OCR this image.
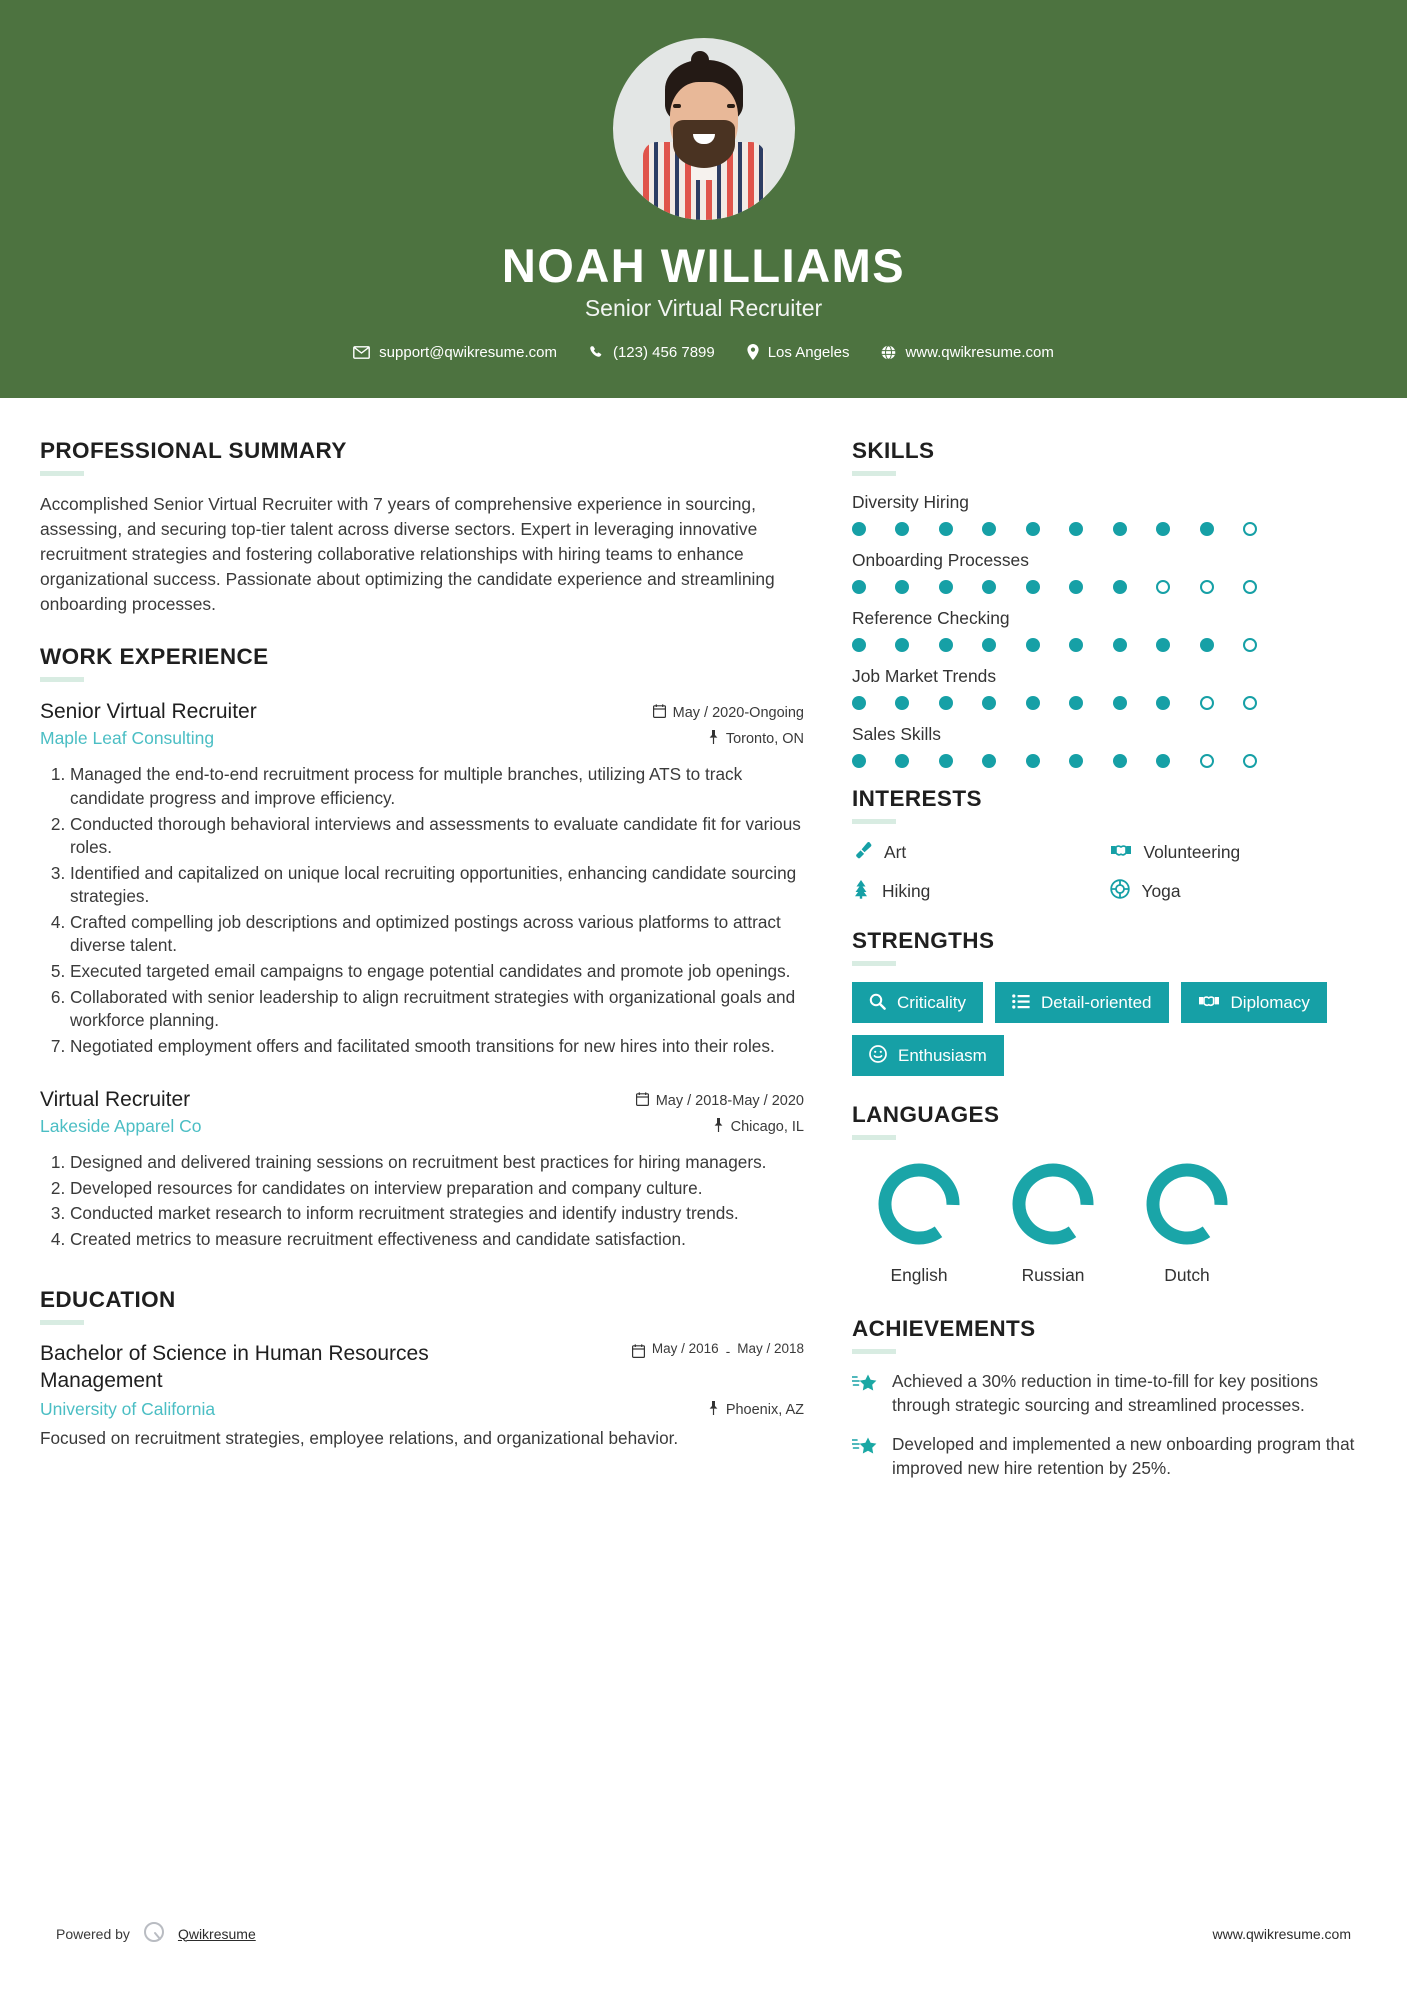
NOAH WILLIAMS
Senior Virtual Recruiter
support@qwikresume.com	(123) 456 7899	Los Angeles	www.qwikresume.com
PROFESSIONAL SUMMARY
Accomplished Senior Virtual Recruiter with 7 years of comprehensive experience in sourcing, assessing, and securing top-tier talent across diverse sectors. Expert in leveraging innovative recruitment strategies and fostering collaborative relationships with hiring teams to enhance organizational success. Passionate about optimizing the candidate experience and streamlining onboarding processes.
WORK EXPERIENCE
Senior Virtual Recruiter	May / 2020-Ongoing
Maple Leaf Consulting	Toronto, ON
1. Managed the end-to-end recruitment process for multiple branches, utilizing ATS to track candidate progress and improve efficiency.
2. Conducted thorough behavioral interviews and assessments to evaluate candidate fit for various roles.
3. Identified and capitalized on unique local recruiting opportunities, enhancing candidate sourcing strategies.
4. Crafted compelling job descriptions and optimized postings across various platforms to attract diverse talent.
5. Executed targeted email campaigns to engage potential candidates and promote job openings.
6. Collaborated with senior leadership to align recruitment strategies with organizational goals and workforce planning.
7. Negotiated employment offers and facilitated smooth transitions for new hires into their roles.
Virtual Recruiter	May / 2018-May / 2020
Lakeside Apparel Co	Chicago, IL
1. Designed and delivered training sessions on recruitment best practices for hiring managers.
2. Developed resources for candidates on interview preparation and company culture.
3. Conducted market research to inform recruitment strategies and identify industry trends.
4. Created metrics to measure recruitment effectiveness and candidate satisfaction.
EDUCATION
Bachelor of Science in Human Resources Management
May / 2016 - May / 2018
University of California	Phoenix, AZ
Focused on recruitment strategies, employee relations, and organizational behavior.
SKILLS
Diversity Hiring
Onboarding Processes
Reference Checking
Job Market Trends
Sales Skills
INTERESTS
Art	Volunteering
Hiking	Yoga
STRENGTHS
Criticality	Detail-oriented	Diplomacy
Enthusiasm
LANGUAGES
English	Russian	Dutch
ACHIEVEMENTS
Achieved a 30% reduction in time-to-fill for key positions through strategic sourcing and streamlined processes.
Developed and implemented a new onboarding program that improved new hire retention by 25%.
Powered by	Qwikresume	www.qwikresume.com
